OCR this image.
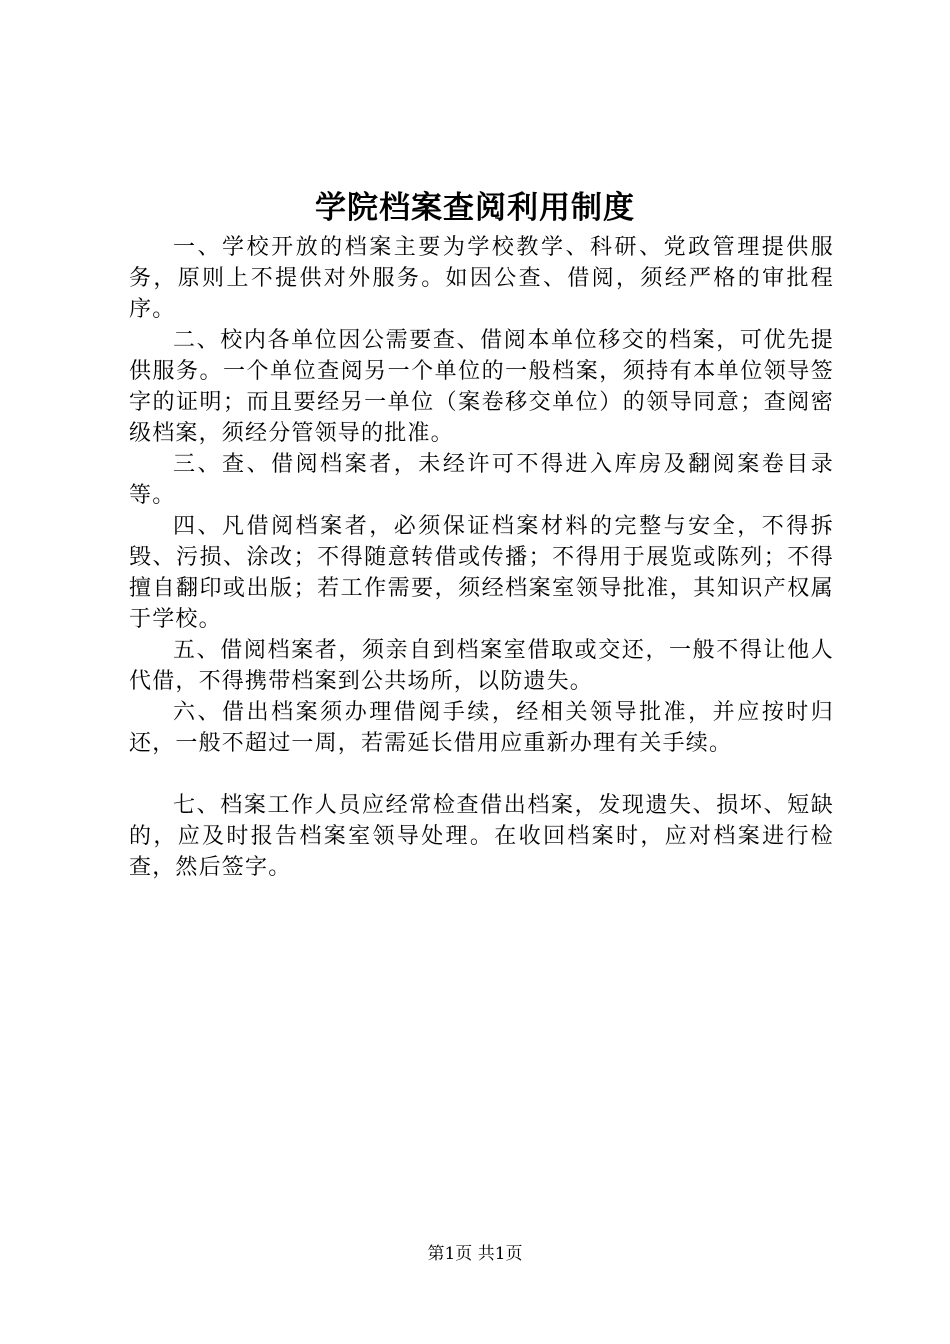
学院档案查阅利用制度

一、学校开放的档案主要为学校教学、科研、党政管理提供服务，原则上不提供对外服务。如因公查、借阅，须经严格的审批程序。

二、校内各单位因公需要查、借阅本单位移交的档案，可优先提供服务。一个单位查阅另一个单位的一般档案，须持有本单位领导签字的证明；而且要经另一单位（案卷移交单位）的领导同意；查阅密级档案，须经分管领导的批准。

三、查、借阅档案者，未经许可不得进入库房及翻阅案卷目录等。

四、凡借阅档案者，必须保证档案材料的完整与安全，不得拆毁、污损、涂改；不得随意转借或传播；不得用于展览或陈列；不得擅自翻印或出版；若工作需要，须经档案室领导批准，其知识产权属于学校。

五、借阅档案者，须亲自到档案室借取或交还，一般不得让他人代借，不得携带档案到公共场所，以防遗失。

六、借出档案须办理借阅手续，经相关领导批准，并应按时归还，一般不超过一周，若需延长借用应重新办理有关手续。

七、档案工作人员应经常检查借出档案，发现遗失、损坏、短缺的，应及时报告档案室领导处理。在收回档案时，应对档案进行检查，然后签字。

第1页 共1页
